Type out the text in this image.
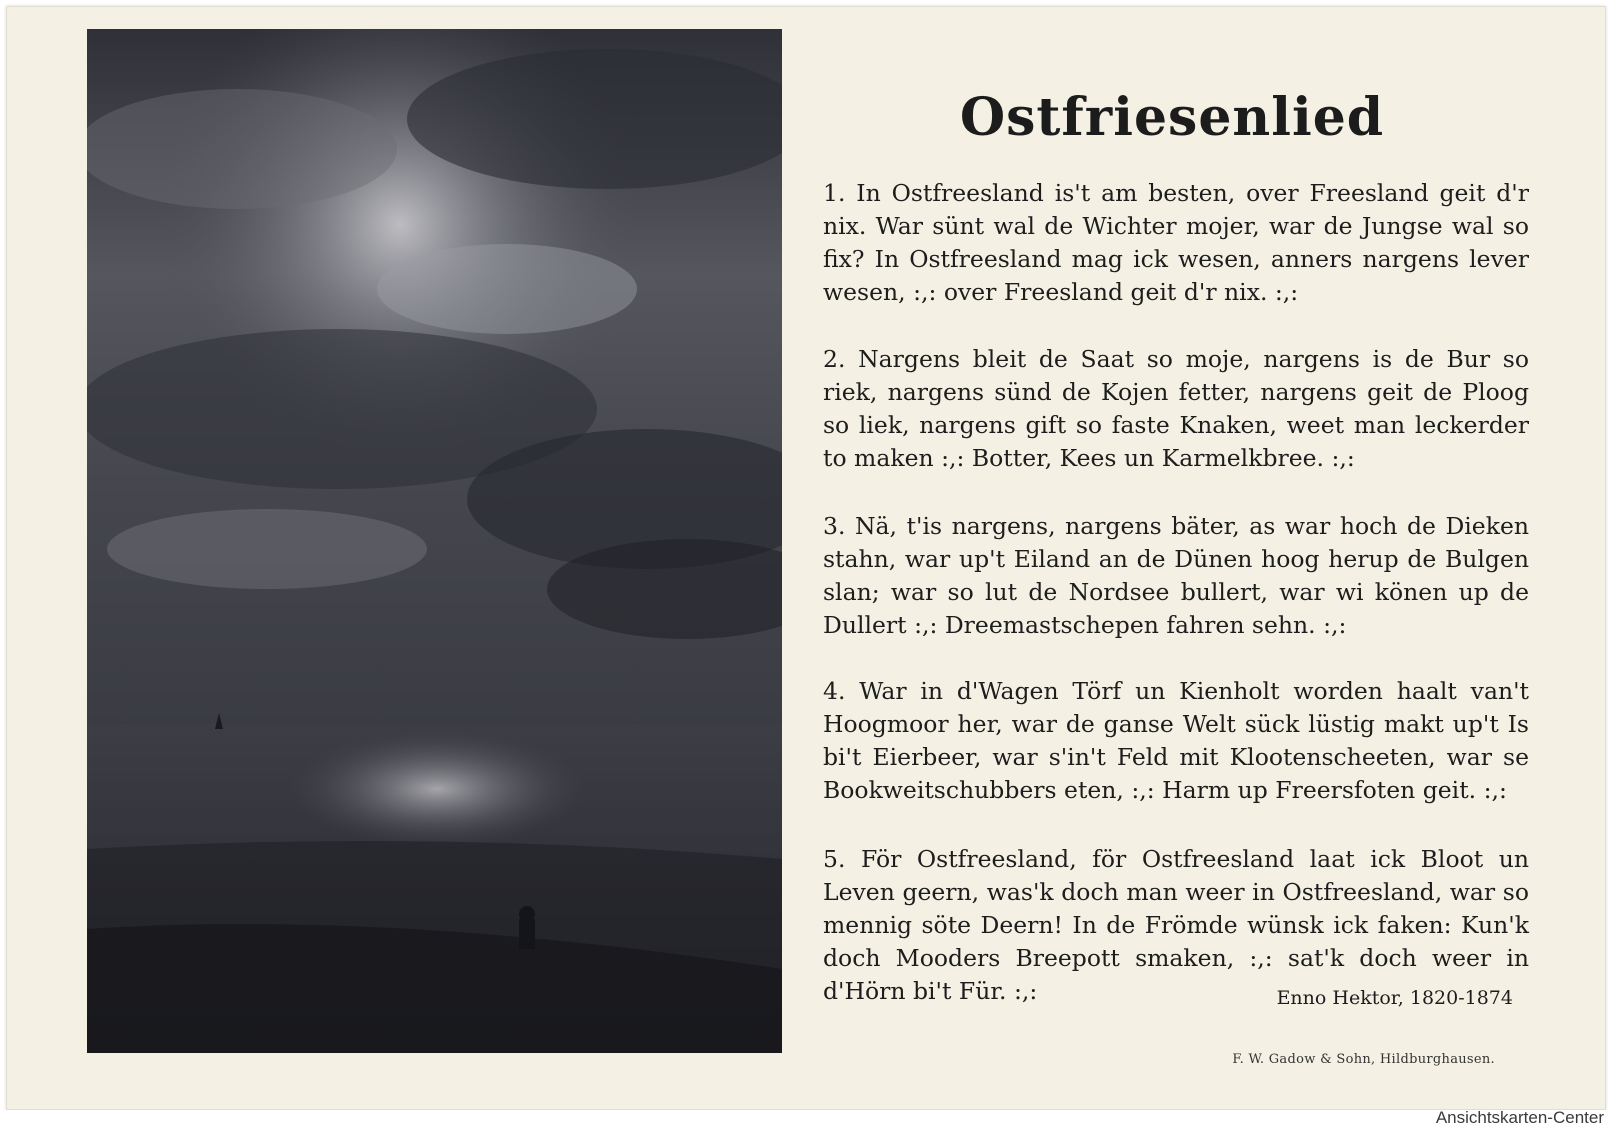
Ostfriesenlied
1. In Ostfreesland is't am besten, over Freesland geit d'r nix. War sünt wal de Wichter mojer, war de Jungse wal so fix? In Ostfreesland mag ick wesen, anners nargens lever wesen, :,: over Freesland geit d'r nix. :,:
2. Nargens bleit de Saat so moje, nargens is de Bur so riek, nargens sünd de Kojen fetter, nargens geit de Ploog so liek, nargens gift so faste Knaken, weet man leckerder to maken :,: Botter, Kees un Karmelkbree. :,:
3. Nä, t'is nargens, nargens bäter, as war hoch de Dieken stahn, war up't Eiland an de Dünen hoog herup de Bulgen slan; war so lut de Nordsee bullert, war wi könen up de Dullert :,: Dreemastschepen fahren sehn. :,:
4. War in d'Wagen Törf un Kienholt worden haalt van't Hoogmoor her, war de ganse Welt sück lüstig makt up't Is bi't Eierbeer, war s'in't Feld mit Klootenscheeten, war se Bookweitschubbers eten, :,: Harm up Freersfoten geit. :,:
5. För Ostfreesland, för Ostfreesland laat ick Bloot un Leven geern, was'k doch man weer in Ostfreesland, war so mennig söte Deern! In de Frömde wünsk ick faken: Kun'k doch Mooders Breepott smaken, :,: sat'k doch weer in d'Hörn bi't Für. :,:	Enno Hektor, 1820-1874
F. W. Gadow & Sohn, Hildburghausen.
Ansichtskarten-Center
